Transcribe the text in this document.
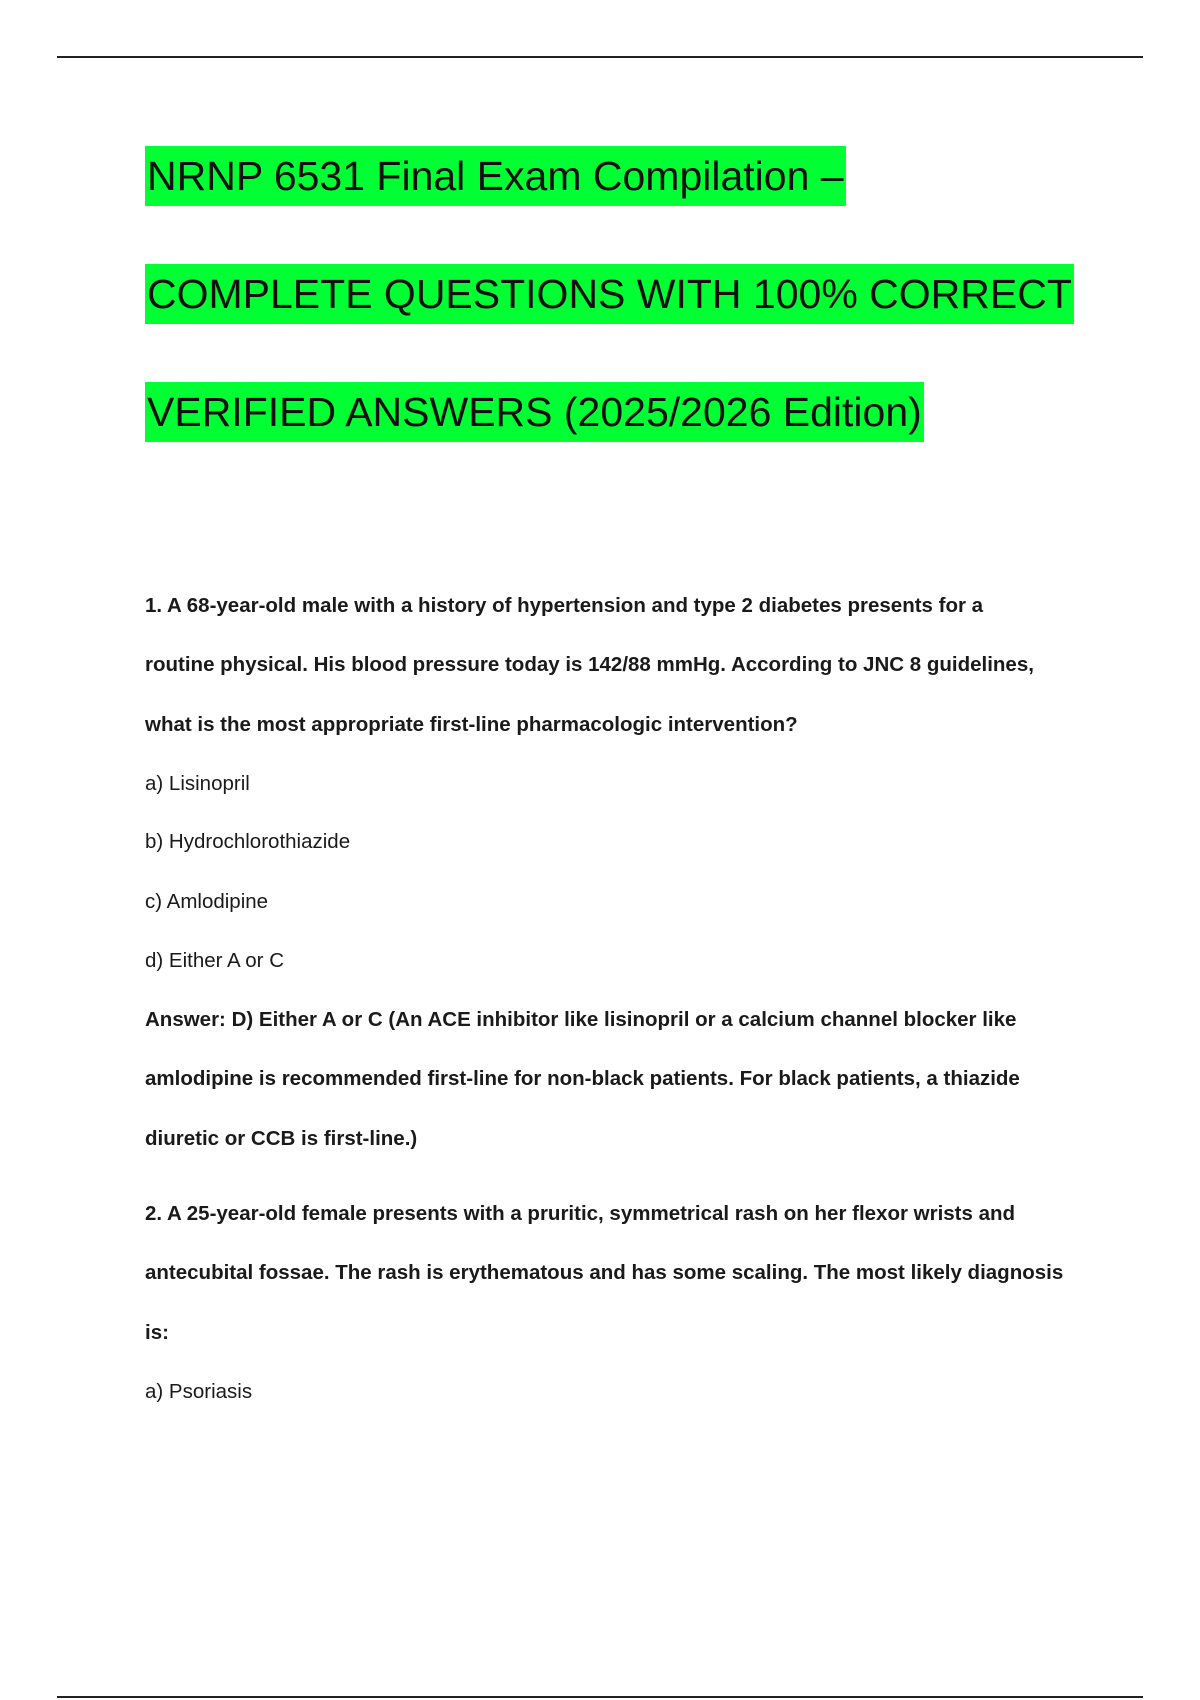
NRNP 6531 Final Exam Compilation –
COMPLETE QUESTIONS WITH 100% CORRECT
VERIFIED ANSWERS (2025/2026 Edition)
1. A 68-year-old male with a history of hypertension and type 2 diabetes presents for a
routine physical. His blood pressure today is 142/88 mmHg. According to JNC 8 guidelines,
what is the most appropriate first-line pharmacologic intervention?
a) Lisinopril
b) Hydrochlorothiazide
c) Amlodipine
d) Either A or C
Answer: D) Either A or C (An ACE inhibitor like lisinopril or a calcium channel blocker like
amlodipine is recommended first-line for non-black patients. For black patients, a thiazide
diuretic or CCB is first-line.)
2. A 25-year-old female presents with a pruritic, symmetrical rash on her flexor wrists and
antecubital fossae. The rash is erythematous and has some scaling. The most likely diagnosis
is:
a) Psoriasis
